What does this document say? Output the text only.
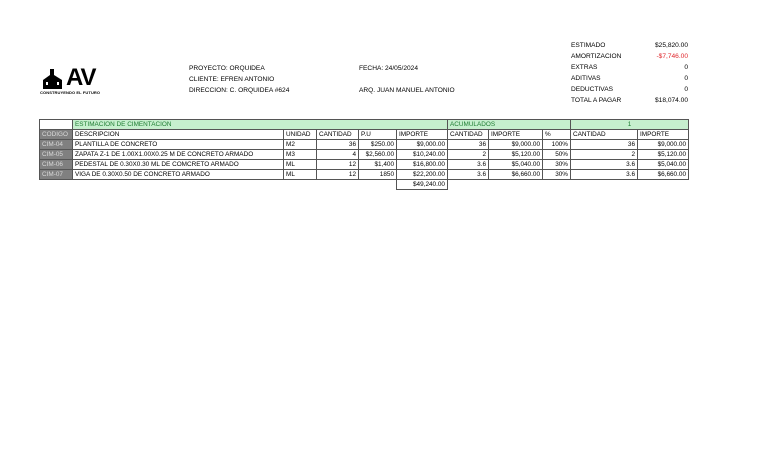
AV
CONSTRUYENDO EL FUTURO
PROYECTO: ORQUIDEA
CLIENTE: EFREN ANTONIO
DIRECCION: C. ORQUIDEA #624
FECHA: 24/05/2024
ARQ. JUAN MANUEL ANTONIO
ESTIMADO	$25,820.00
AMORTIZACION	-$7,746.00
EXTRAS	0
ADITIVAS	0
DEDUCTIVAS	0
TOTAL A PAGAR	$18,074.00
	ESTIMACION DE CIMENTACION					ACUMULADOS			1	
CODIGO	DESCRIPCION	UNIDAD	CANTIDAD	P.U	IMPORTE	CANTIDAD	IMPORTE	%	CANTIDAD	IMPORTE
CIM-04	PLANTILLA DE CONCRETO	M2	36	$250.00	$9,000.00	36	$9,000.00	100%	36	$9,000.00
CIM-05	ZAPATA Z-1 DE 1.00X1.00X0.25 M DE CONCRETO ARMADO	M3	4	$2,560.00	$10,240.00	2	$5,120.00	50%	2	$5,120.00
CIM-06	PEDESTAL DE 0.30X0.30 ML DE COMCRETO ARMADO	ML	12	$1,400	$16,800.00	3.6	$5,040.00	30%	3.6	$5,040.00
CIM-07	VIGA DE 0.30X0.50 DE CONCRETO ARMADO	ML	12	1850	$22,200.00	3.6	$6,660.00	30%	3.6	$6,660.00
					$49,240.00					
